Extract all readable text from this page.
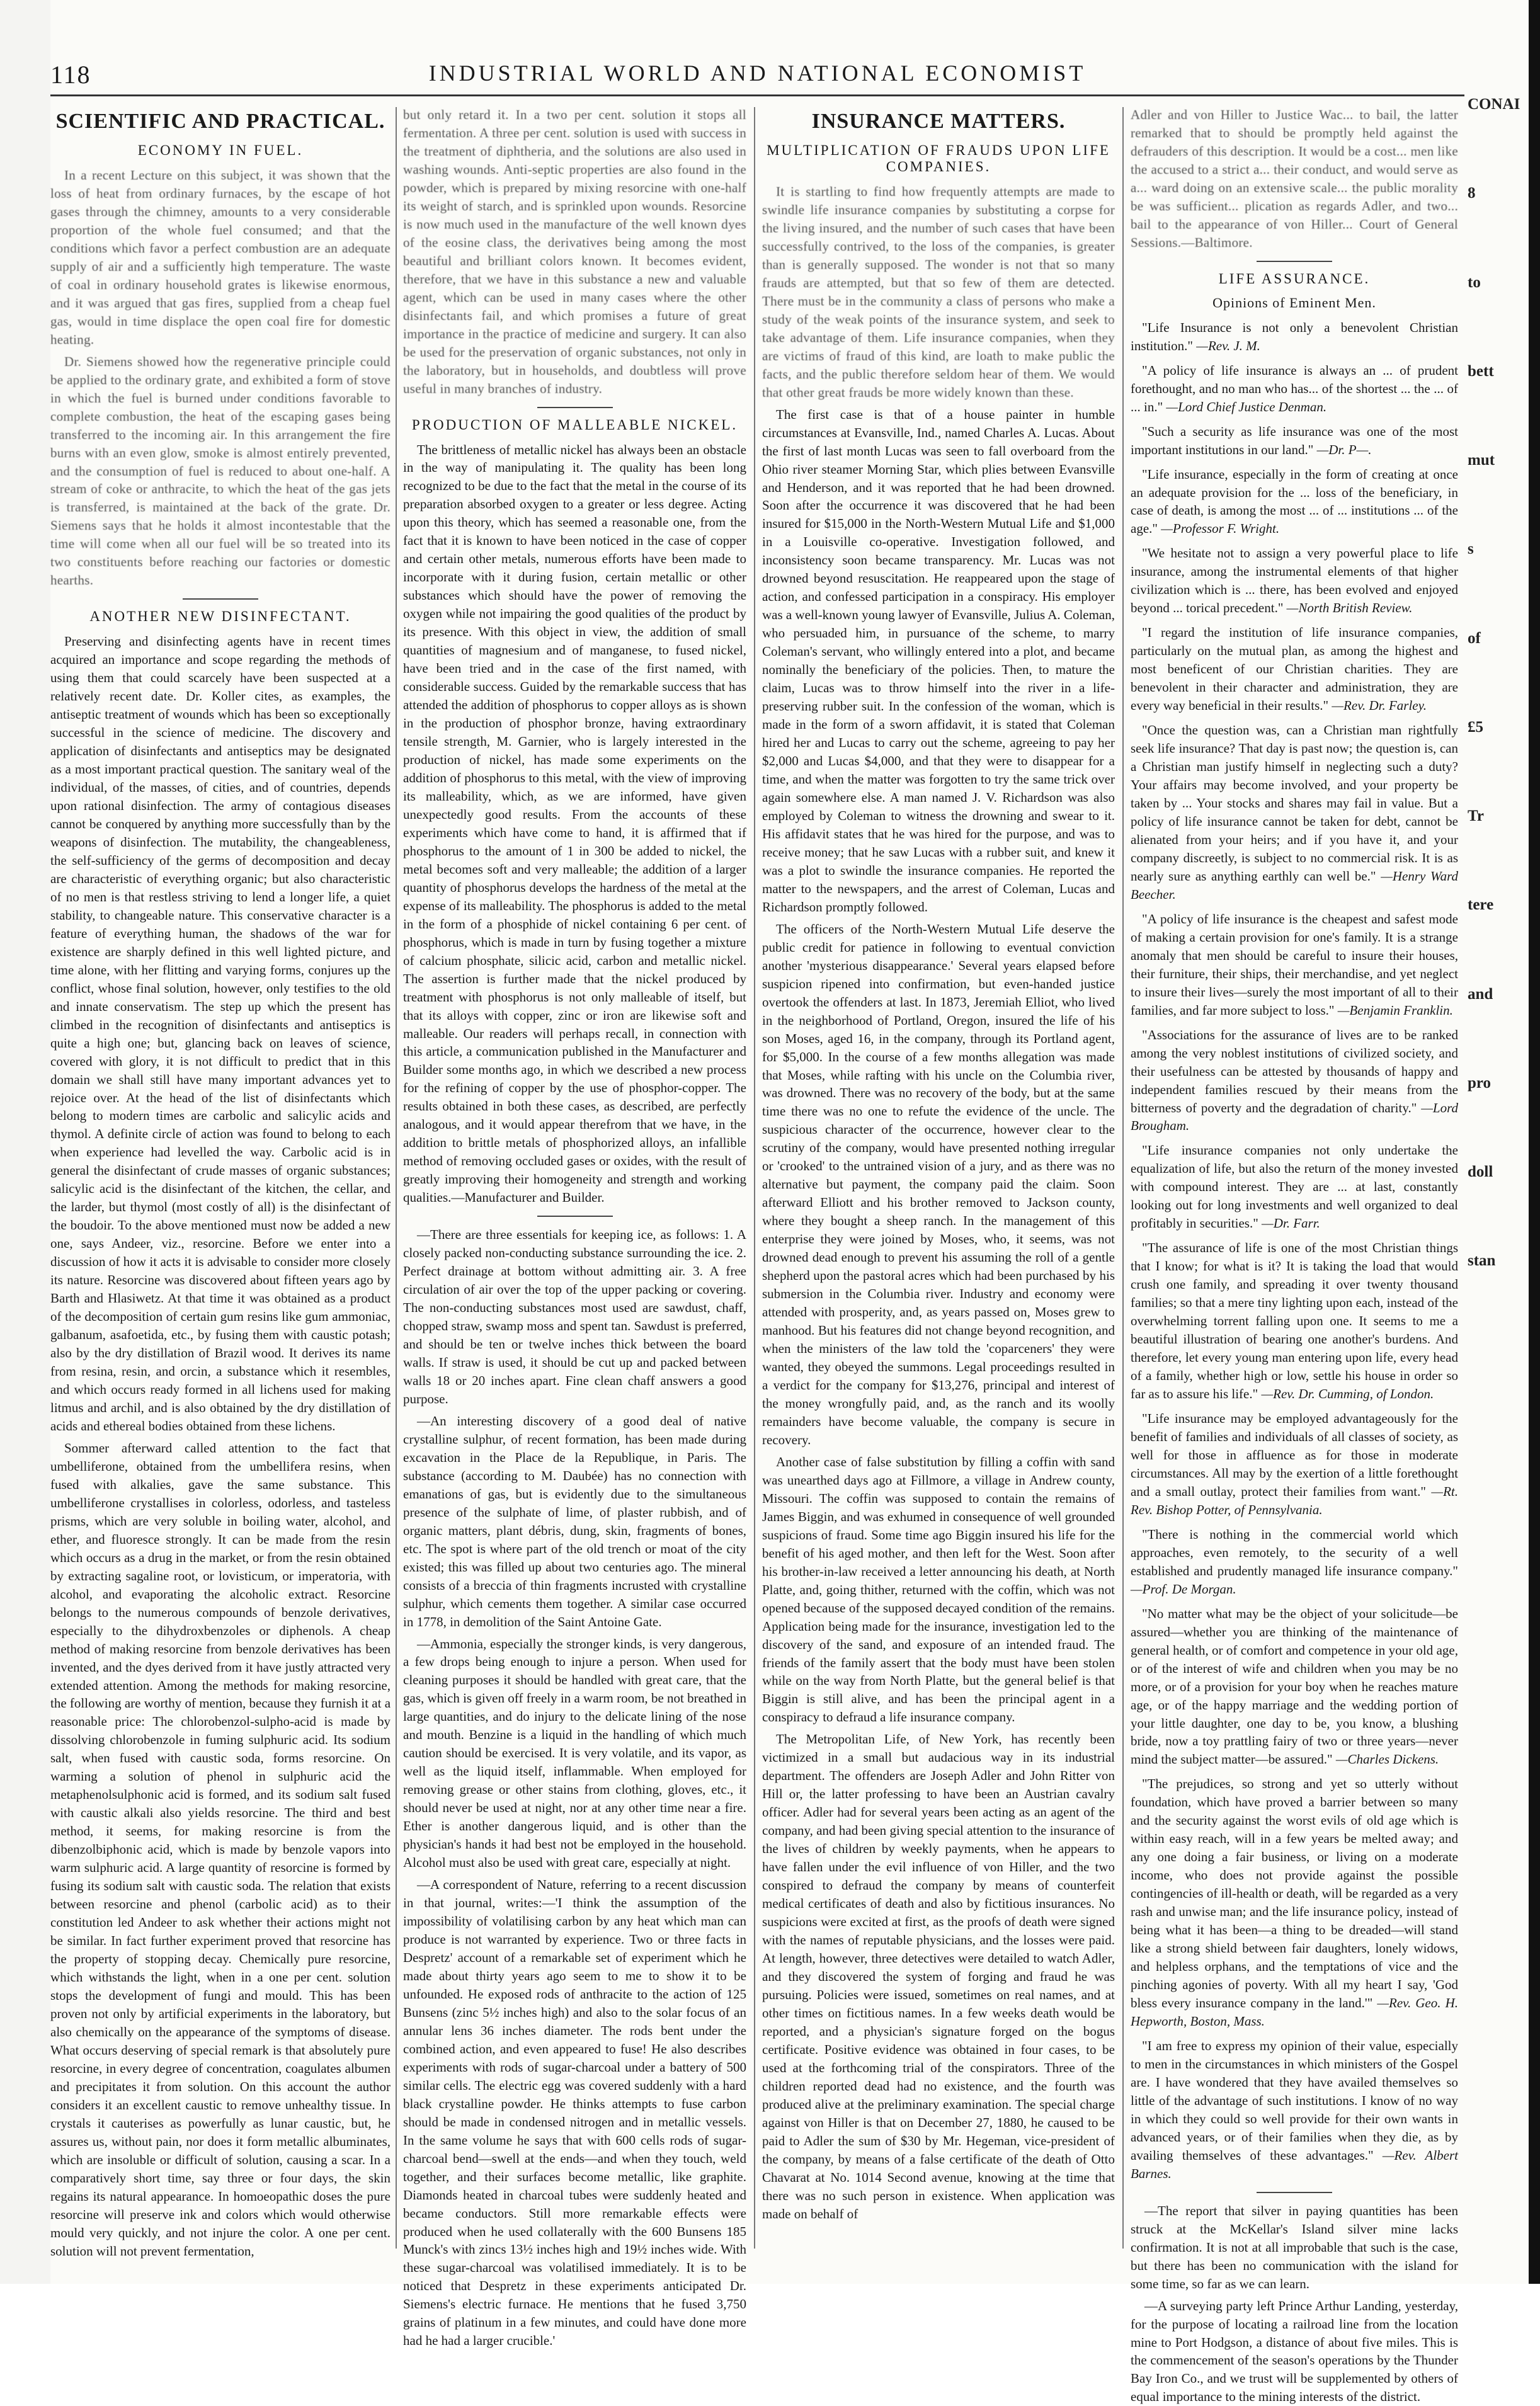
118	INDUSTRIAL WORLD AND NATIONAL ECONOMIST
SCIENTIFIC AND PRACTICAL.
ECONOMY IN FUEL.

In a recent Lecture on this subject, it was shown that the loss of heat from ordinary furnaces, by the escape of hot gases through the chimney, amounts to a very considerable proportion of the whole fuel consumed; and that the conditions which favor a perfect combustion are an adequate supply of air and a sufficiently high temperature. The waste of coal in ordinary household grates is likewise enormous, and it was argued that gas fires, supplied from a cheap fuel gas, would in time displace the open coal fire for domestic heating.

Dr. Siemens showed how the regenerative principle could be applied to the ordinary grate, and exhibited a form of stove in which the fuel is burned under conditions favorable to complete combustion, the heat of the escaping gases being transferred to the incoming air. In this arrangement the fire burns with an even glow, smoke is almost entirely prevented, and the consumption of fuel is reduced to about one-half. A stream of coke or anthracite, to which the heat of the gas jets is transferred, is maintained at the back of the grate. Dr. Siemens says that he holds it almost incontestable that the time will come when all our fuel will be so treated into its two constituents before reaching our factories or domestic hearths.

ANOTHER NEW DISINFECTANT.

Preserving and disinfecting agents have in recent times acquired an importance and scope regarding the methods of using them that could scarcely have been suspected at a relatively recent date. Dr. Koller cites, as examples, the antiseptic treatment of wounds which has been so exceptionally successful in the science of medicine. The discovery and application of disinfectants and antiseptics may be designated as a most important practical question. The sanitary weal of the individual, of the masses, of cities, and of countries, depends upon rational disinfection. The army of contagious diseases cannot be conquered by anything more successfully than by the weapons of disinfection. The mutability, the changeableness, the self-sufficiency of the germs of decomposition and decay are characteristic of everything organic; but also characteristic of no men is that restless striving to lend a longer life, a quiet stability, to changeable nature. This conservative character is a feature of everything human, the shadows of the war for existence are sharply defined in this well lighted picture, and time alone, with her flitting and varying forms, conjures up the conflict, whose final solution, however, only testifies to the old and innate conservatism. The step up which the present has climbed in the recognition of disinfectants and antiseptics is quite a high one; but, glancing back on leaves of science, covered with glory, it is not difficult to predict that in this domain we shall still have many important advances yet to rejoice over. At the head of the list of disinfectants which belong to modern times are carbolic and salicylic acids and thymol. A definite circle of action was found to belong to each when experience had levelled the way. Carbolic acid is in general the disinfectant of crude masses of organic substances; salicylic acid is the disinfectant of the kitchen, the cellar, and the larder, but thymol (most costly of all) is the disinfectant of the boudoir. To the above mentioned must now be added a new one, says Andeer, viz., resorcine. Before we enter into a discussion of how it acts it is advisable to consider more closely its nature. Resorcine was discovered about fifteen years ago by Barth and Hlasiwetz. At that time it was obtained as a product of the decomposition of certain gum resins like gum ammoniac, galbanum, asafoetida, etc., by fusing them with caustic potash; also by the dry distillation of Brazil wood. It derives its name from resina, resin, and orcin, a substance which it resembles, and which occurs ready formed in all lichens used for making litmus and archil, and is also obtained by the dry distillation of acids and ethereal bodies obtained from these lichens.

Sommer afterward called attention to the fact that umbelliferone, obtained from the umbellifera resins, when fused with alkalies, gave the same substance. This umbelliferone crystallises in colorless, odorless, and tasteless prisms, which are very soluble in boiling water, alcohol, and ether, and fluoresce strongly. It can be made from the resin which occurs as a drug in the market, or from the resin obtained by extracting sagaline root, or lovisticum, or imperatoria, with alcohol, and evaporating the alcoholic extract. Resorcine belongs to the numerous compounds of benzole derivatives, especially to the dihydroxbenzoles or diphenols. A cheap method of making resorcine from benzole derivatives has been invented, and the dyes derived from it have justly attracted very extended attention. Among the methods for making resorcine, the following are worthy of mention, because they furnish it at a reasonable price: The chlorobenzol-sulpho-acid is made by dissolving chlorobenzole in fuming sulphuric acid. Its sodium salt, when fused with caustic soda, forms resorcine. On warming a solution of phenol in sulphuric acid the metaphenolsulphonic acid is formed, and its sodium salt fused with caustic alkali also yields resorcine. The third and best method, it seems, for making resorcine is from the dibenzolbiphonic acid, which is made by benzole vapors into warm sulphuric acid. A large quantity of resorcine is formed by fusing its sodium salt with caustic soda. The relation that exists between resorcine and phenol (carbolic acid) as to their constitution led Andeer to ask whether their actions might not be similar. In fact further experiment proved that resorcine has the property of stopping decay. Chemically pure resorcine, which withstands the light, when in a one per cent. solution stops the development of fungi and mould. This has been proven not only by artificial experiments in the laboratory, but also chemically on the appearance of the symptoms of disease. What occurs deserving of special remark is that absolutely pure resorcine, in every degree of concentration, coagulates albumen and precipitates it from solution. On this account the author considers it an excellent caustic to remove unhealthy tissue. In crystals it cauterises as powerfully as lunar caustic, but, he assures us, without pain, nor does it form metallic albuminates, which are insoluble or difficult of solution, causing a scar. In a comparatively short time, say three or four days, the skin regains its natural appearance. In homoeopathic doses the pure resorcine will preserve ink and colors which would otherwise mould very quickly, and not injure the color. A one per cent. solution will not prevent fermentation,

but only retard it. In a two per cent. solution it stops all fermentation. A three per cent. solution is used with success in the treatment of diphtheria, and the solutions are also used in washing wounds. Anti-septic properties are also found in the powder, which is prepared by mixing resorcine with one-half its weight of starch, and is sprinkled upon wounds. Resorcine is now much used in the manufacture of the well known dyes of the eosine class, the derivatives being among the most beautiful and brilliant colors known. It becomes evident, therefore, that we have in this substance a new and valuable agent, which can be used in many cases where the other disinfectants fail, and which promises a future of great importance in the practice of medicine and surgery. It can also be used for the preservation of organic substances, not only in the laboratory, but in households, and doubtless will prove useful in many branches of industry.

PRODUCTION OF MALLEABLE NICKEL.

The brittleness of metallic nickel has always been an obstacle in the way of manipulating it. The quality has been long recognized to be due to the fact that the metal in the course of its preparation absorbed oxygen to a greater or less degree. Acting upon this theory, which has seemed a reasonable one, from the fact that it is known to have been noticed in the case of copper and certain other metals, numerous efforts have been made to incorporate with it during fusion, certain metallic or other substances which should have the power of removing the oxygen while not impairing the good qualities of the product by its presence. With this object in view, the addition of small quantities of magnesium and of manganese, to fused nickel, have been tried and in the case of the first named, with considerable success. Guided by the remarkable success that has attended the addition of phosphorus to copper alloys as is shown in the production of phosphor bronze, having extraordinary tensile strength, M. Garnier, who is largely interested in the production of nickel, has made some experiments on the addition of phosphorus to this metal, with the view of improving its malleability, which, as we are informed, have given unexpectedly good results. From the accounts of these experiments which have come to hand, it is affirmed that if phosphorus to the amount of 1 in 300 be added to nickel, the metal becomes soft and very malleable; the addition of a larger quantity of phosphorus develops the hardness of the metal at the expense of its malleability. The phosphorus is added to the metal in the form of a phosphide of nickel containing 6 per cent. of phosphorus, which is made in turn by fusing together a mixture of calcium phosphate, silicic acid, carbon and metallic nickel. The assertion is further made that the nickel produced by treatment with phosphorus is not only malleable of itself, but that its alloys with copper, zinc or iron are likewise soft and malleable. Our readers will perhaps recall, in connection with this article, a communication published in the Manufacturer and Builder some months ago, in which we described a new process for the refining of copper by the use of phosphor-copper. The results obtained in both these cases, as described, are perfectly analogous, and it would appear therefrom that we have, in the addition to brittle metals of phosphorized alloys, an infallible method of removing occluded gases or oxides, with the result of greatly improving their homogeneity and strength and working qualities.—Manufacturer and Builder.

—There are three essentials for keeping ice, as follows: 1. A closely packed non-conducting substance surrounding the ice. 2. Perfect drainage at bottom without admitting air. 3. A free circulation of air over the top of the upper packing or covering. The non-conducting substances most used are sawdust, chaff, chopped straw, swamp moss and spent tan. Sawdust is preferred, and should be ten or twelve inches thick between the board walls. If straw is used, it should be cut up and packed between walls 18 or 20 inches apart. Fine clean chaff answers a good purpose.

—An interesting discovery of a good deal of native crystalline sulphur, of recent formation, has been made during excavation in the Place de la Republique, in Paris. The substance (according to M. Daubée) has no connection with emanations of gas, but is evidently due to the simultaneous presence of the sulphate of lime, of plaster rubbish, and of organic matters, plant débris, dung, skin, fragments of bones, etc. The spot is where part of the old trench or moat of the city existed; this was filled up about two centuries ago. The mineral consists of a breccia of thin fragments incrusted with crystalline sulphur, which cements them together. A similar case occurred in 1778, in demolition of the Saint Antoine Gate.

—Ammonia, especially the stronger kinds, is very dangerous, a few drops being enough to injure a person. When used for cleaning purposes it should be handled with great care, that the gas, which is given off freely in a warm room, be not breathed in large quantities, and do injury to the delicate lining of the nose and mouth. Benzine is a liquid in the handling of which much caution should be exercised. It is very volatile, and its vapor, as well as the liquid itself, inflammable. When employed for removing grease or other stains from clothing, gloves, etc., it should never be used at night, nor at any other time near a fire. Ether is another dangerous liquid, and is other than the physician's hands it had best not be employed in the household. Alcohol must also be used with great care, especially at night.

—A correspondent of Nature, referring to a recent discussion in that journal, writes:—'I think the assumption of the impossibility of volatilising carbon by any heat which man can produce is not warranted by experience. Two or three facts in Despretz' account of a remarkable set of experiment which he made about thirty years ago seem to me to show it to be unfounded. He exposed rods of anthracite to the action of 125 Bunsens (zinc 5½ inches high) and also to the solar focus of an annular lens 36 inches diameter. The rods bent under the combined action, and even appeared to fuse! He also describes experiments with rods of sugar-charcoal under a battery of 500 similar cells. The electric egg was covered suddenly with a hard black crystalline powder. He thinks attempts to fuse carbon should be made in condensed nitrogen and in metallic vessels. In the same volume he says that with 600 cells rods of sugar-charcoal bend—swell at the ends—and when they touch, weld together, and their surfaces become metallic, like graphite. Diamonds heated in charcoal tubes were suddenly heated and became conductors. Still more remarkable effects were produced when he used collaterally with the 600 Bunsens 185 Munck's with zincs 13½ inches high and 19½ inches wide. With these sugar-charcoal was volatilised immediately. It is to be noticed that Despretz in these experiments anticipated Dr. Siemens's electric furnace. He mentions that he fused 3,750 grains of platinum in a few minutes, and could have done more had he had a larger crucible.'

INSURANCE MATTERS.
MULTIPLICATION OF FRAUDS UPON LIFE COMPANIES.

It is startling to find how frequently attempts are made to swindle life insurance companies by substituting a corpse for the living insured, and the number of such cases that have been successfully contrived, to the loss of the companies, is greater than is generally supposed. The wonder is not that so many frauds are attempted, but that so few of them are detected. There must be in the community a class of persons who make a study of the weak points of the insurance system, and seek to take advantage of them. Life insurance companies, when they are victims of fraud of this kind, are loath to make public the facts, and the public therefore seldom hear of them. We would that other great frauds be more widely known than these.

The first case is that of a house painter in humble circumstances at Evansville, Ind., named Charles A. Lucas. About the first of last month Lucas was seen to fall overboard from the Ohio river steamer Morning Star, which plies between Evansville and Henderson, and it was reported that he had been drowned. Soon after the occurrence it was discovered that he had been insured for $15,000 in the North-Western Mutual Life and $1,000 in a Louisville co-operative. Investigation followed, and inconsistency soon became transparency. Mr. Lucas was not drowned beyond resuscitation. He reappeared upon the stage of action, and confessed participation in a conspiracy. His employer was a well-known young lawyer of Evansville, Julius A. Coleman, who persuaded him, in pursuance of the scheme, to marry Coleman's servant, who willingly entered into a plot, and became nominally the beneficiary of the policies. Then, to mature the claim, Lucas was to throw himself into the river in a life-preserving rubber suit. In the confession of the woman, which is made in the form of a sworn affidavit, it is stated that Coleman hired her and Lucas to carry out the scheme, agreeing to pay her $2,000 and Lucas $4,000, and that they were to disappear for a time, and when the matter was forgotten to try the same trick over again somewhere else. A man named J. V. Richardson was also employed by Coleman to witness the drowning and swear to it. His affidavit states that he was hired for the purpose, and was to receive money; that he saw Lucas with a rubber suit, and knew it was a plot to swindle the insurance companies. He reported the matter to the newspapers, and the arrest of Coleman, Lucas and Richardson promptly followed.

The officers of the North-Western Mutual Life deserve the public credit for patience in following to eventual conviction another 'mysterious disappearance.' Several years elapsed before suspicion ripened into confirmation, but even-handed justice overtook the offenders at last. In 1873, Jeremiah Elliot, who lived in the neighborhood of Portland, Oregon, insured the life of his son Moses, aged 16, in the company, through its Portland agent, for $5,000. In the course of a few months allegation was made that Moses, while rafting with his uncle on the Columbia river, was drowned. There was no recovery of the body, but at the same time there was no one to refute the evidence of the uncle. The suspicious character of the occurrence, however clear to the scrutiny of the company, would have presented nothing irregular or 'crooked' to the untrained vision of a jury, and as there was no alternative but payment, the company paid the claim. Soon afterward Elliott and his brother removed to Jackson county, where they bought a sheep ranch. In the management of this enterprise they were joined by Moses, who, it seems, was not drowned dead enough to prevent his assuming the roll of a gentle shepherd upon the pastoral acres which had been purchased by his submersion in the Columbia river. Industry and economy were attended with prosperity, and, as years passed on, Moses grew to manhood. But his features did not change beyond recognition, and when the ministers of the law told the 'coparceners' they were wanted, they obeyed the summons. Legal proceedings resulted in a verdict for the company for $13,276, principal and interest of the money wrongfully paid, and, as the ranch and its woolly remainders have become valuable, the company is secure in recovery.

Another case of false substitution by filling a coffin with sand was unearthed days ago at Fillmore, a village in Andrew county, Missouri. The coffin was supposed to contain the remains of James Biggin, and was exhumed in consequence of well grounded suspicions of fraud. Some time ago Biggin insured his life for the benefit of his aged mother, and then left for the West. Soon after his brother-in-law received a letter announcing his death, at North Platte, and, going thither, returned with the coffin, which was not opened because of the supposed decayed condition of the remains. Application being made for the insurance, investigation led to the discovery of the sand, and exposure of an intended fraud. The friends of the family assert that the body must have been stolen while on the way from North Platte, but the general belief is that Biggin is still alive, and has been the principal agent in a conspiracy to defraud a life insurance company.

The Metropolitan Life, of New York, has recently been victimized in a small but audacious way in its industrial department. The offenders are Joseph Adler and John Ritter von Hill or, the latter professing to have been an Austrian cavalry officer. Adler had for several years been acting as an agent of the company, and had been giving special attention to the insurance of the lives of children by weekly payments, when he appears to have fallen under the evil influence of von Hiller, and the two conspired to defraud the company by means of counterfeit medical certificates of death and also by fictitious insurances. No suspicions were excited at first, as the proofs of death were signed with the names of reputable physicians, and the losses were paid. At length, however, three detectives were detailed to watch Adler, and they discovered the system of forging and fraud he was pursuing. Policies were issued, sometimes on real names, and at other times on fictitious names. In a few weeks death would be reported, and a physician's signature forged on the bogus certificate. Positive evidence was obtained in four cases, to be used at the forthcoming trial of the conspirators. Three of the children reported dead had no existence, and the fourth was produced alive at the preliminary examination. The special charge against von Hiller is that on December 27, 1880, he caused to be paid to Adler the sum of $30 by Mr. Hegeman, vice-president of the company, by means of a false certificate of the death of Otto Chavarat at No. 1014 Second avenue, knowing at the time that there was no such person in existence. When application was made on behalf of

Adler and von Hiller to Justice Wac... to bail, the latter remarked that to should be promptly held against the defrauders of this description. It would be a cost... men like the accused to a strict a... their conduct, and would serve as a... ward doing on an extensive scale... the public morality be was sufficient... plication as regards Adler, and two... bail to the appearance of von Hiller... Court of General Sessions.—Baltimore.

LIFE ASSURANCE.
Opinions of Eminent Men.

"Life Insurance is not only a benevolent Christian institution." —Rev. J. M.

"A policy of life insurance is always an ... of prudent forethought, and no man who has... of the shortest ... the ... of ... in." —Lord Chief Justice Denman.

"Such a security as life insurance was one of the most important institutions in our land." —Dr. P—.

"Life insurance, especially in the form of creating at once an adequate provision for the ... loss of the beneficiary, in case of death, is among the most ... of ... institutions ... of the age." —Professor F. Wright.

"We hesitate not to assign a very powerful place to life insurance, among the instrumental elements of that higher civilization which is ... there, has been evolved and enjoyed beyond ... torical precedent." —North British Review.

"I regard the institution of life insurance companies, particularly on the mutual plan, as among the highest and most beneficent of our Christian charities. They are benevolent in their character and administration, they are every way beneficial in their results." —Rev. Dr. Farley.

"Once the question was, can a Christian man rightfully seek life insurance? That day is past now; the question is, can a Christian man justify himself in neglecting such a duty? Your affairs may become involved, and your property be taken by ... Your stocks and shares may fail in value. But a policy of life insurance cannot be taken for debt, cannot be alienated from your heirs; and if you have it, and your company discreetly, is subject to no commercial risk. It is as nearly sure as anything earthly can well be." —Henry Ward Beecher.

"A policy of life insurance is the cheapest and safest mode of making a certain provision for one's family. It is a strange anomaly that men should be careful to insure their houses, their furniture, their ships, their merchandise, and yet neglect to insure their lives—surely the most important of all to their families, and far more subject to loss." —Benjamin Franklin.

"Associations for the assurance of lives are to be ranked among the very noblest institutions of civilized society, and their usefulness can be attested by thousands of happy and independent families rescued by their means from the bitterness of poverty and the degradation of charity." —Lord Brougham.

"Life insurance companies not only undertake the equalization of life, but also the return of the money invested with compound interest. They are ... at last, constantly looking out for long investments and well organized to deal profitably in securities." —Dr. Farr.

"The assurance of life is one of the most Christian things that I know; for what is it? It is taking the load that would crush one family, and spreading it over twenty thousand families; so that a mere tiny lighting upon each, instead of the overwhelming torrent falling upon one. It seems to me a beautiful illustration of bearing one another's burdens. And therefore, let every young man entering upon life, every head of a family, whether high or low, settle his house in order so far as to assure his life." —Rev. Dr. Cumming, of London.

"Life insurance may be employed advantageously for the benefit of families and individuals of all classes of society, as well for those in affluence as for those in moderate circumstances. All may by the exertion of a little forethought and a small outlay, protect their families from want." —Rt. Rev. Bishop Potter, of Pennsylvania.

"There is nothing in the commercial world which approaches, even remotely, to the security of a well established and prudently managed life insurance company." —Prof. De Morgan.

"No matter what may be the object of your solicitude—be assured—whether you are thinking of the maintenance of general health, or of comfort and competence in your old age, or of the interest of wife and children when you may be no more, or of a provision for your boy when he reaches mature age, or of the happy marriage and the wedding portion of your little daughter, one day to be, you know, a blushing bride, now a toy prattling fairy of two or three years—never mind the subject matter—be assured." —Charles Dickens.

"The prejudices, so strong and yet so utterly without foundation, which have proved a barrier between so many and the security against the worst evils of old age which is within easy reach, will in a few years be melted away; and any one doing a fair business, or living on a moderate income, who does not provide against the possible contingencies of ill-health or death, will be regarded as a very rash and unwise man; and the life insurance policy, instead of being what it has been—a thing to be dreaded—will stand like a strong shield between fair daughters, lonely widows, and helpless orphans, and the temptations of vice and the pinching agonies of poverty. With all my heart I say, 'God bless every insurance company in the land.'" —Rev. Geo. H. Hepworth, Boston, Mass.

"I am free to express my opinion of their value, especially to men in the circumstances in which ministers of the Gospel are. I have wondered that they have availed themselves so little of the advantage of such institutions. I know of no way in which they could so well provide for their own wants in advanced years, or of their families when they die, as by availing themselves of these advantages." —Rev. Albert Barnes.

—The report that silver in paying quantities has been struck at the McKellar's Island silver mine lacks confirmation. It is not at all improbable that such is the case, but there has been no communication with the island for some time, so far as we can learn.

—A surveying party left Prince Arthur Landing, yesterday, for the purpose of locating a railroad line from the location mine to Port Hodgson, a distance of about five miles. This is the commencement of the season's operations by the Thunder Bay Iron Co., and we trust will be supplemented by others of equal importance to the mining interests of the district.

CONAI
8
to
bett
mut
s
of
£5
Tr
tere
and
pro
doll
stan
